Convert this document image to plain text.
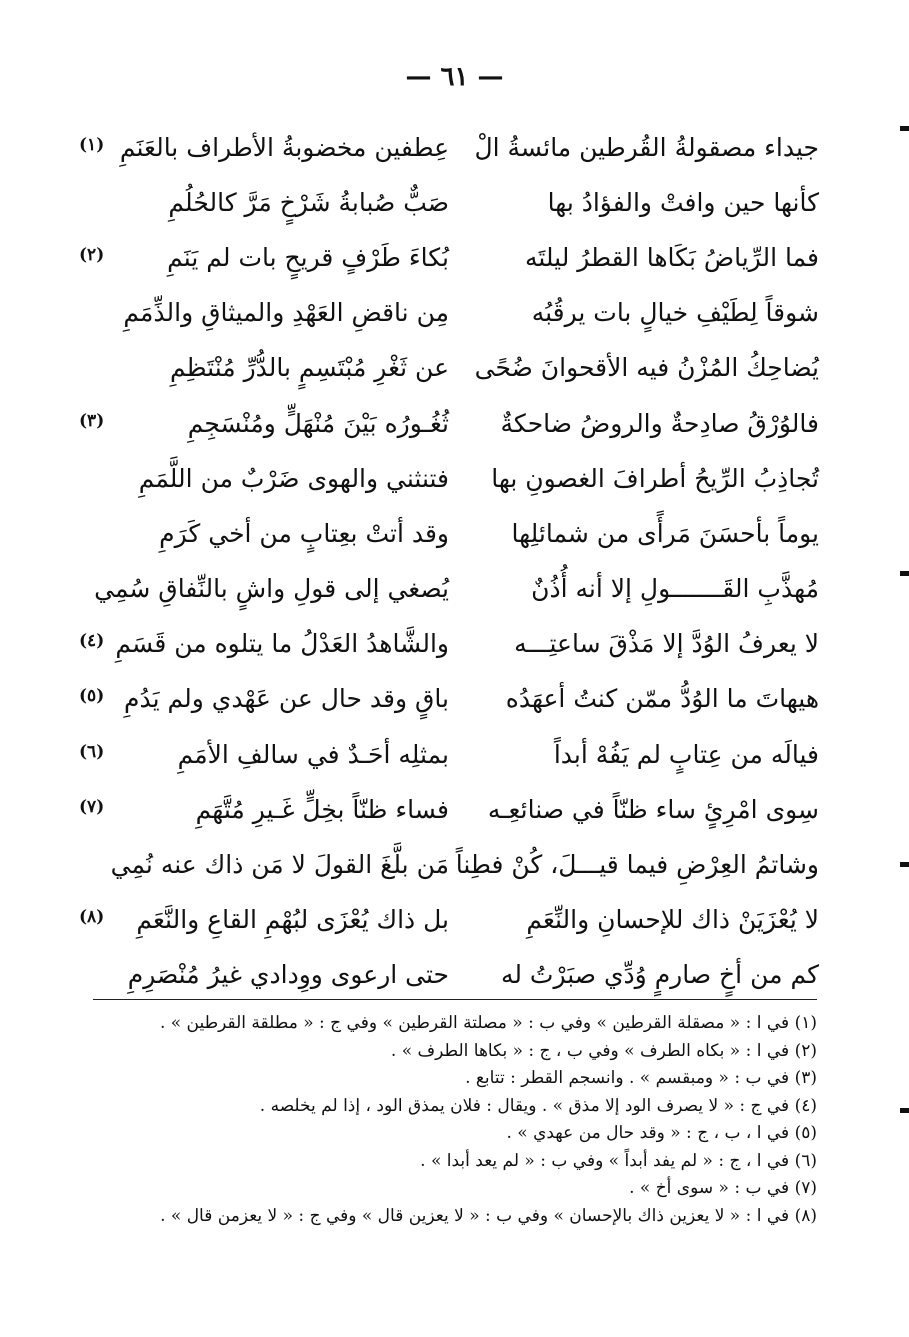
— ٦١ —
جيداء مصقولةُ القُرطين مائسةُ الْ
عِطفين مخضوبةُ الأطراف بالعَنَمِ
(١)
كأنها حين وافتْ والفؤادُ بها
صَبٌّ صُبابةُ شَرْخٍ مَرَّ كالحُلُمِ
فما الرِّياضُ بَكَاها القطرُ ليلتَه
بُكاءَ طَرْفٍ قريحٍ بات لم يَنَمِ
(٢)
شوقاً لِطَيْفِ خيالٍ بات يرقُبُه
مِن ناقضِ العَهْدِ والميثاقِ والذِّمَمِ
يُضاحِكُ المُزْنُ فيه الأقحوانَ ضُحًى
عن ثَغْرِ مُبْتَسِمٍ بالدُّرِّ مُنْتَظِمِ
فالوُرْقُ صادِحةٌ والروضُ ضاحكةٌ
ثُغُـورُه بَيْنَ مُنْهَلٍّ ومُنْسَجِمِ
(٣)
تُجاذِبُ الرِّيحُ أطرافَ الغصونِ بها
فتنثني والهوى ضَرْبٌ من اللَّمَمِ
يوماً بأحسَنَ مَرأًى من شمائلِها
وقد أتتْ بعِتابٍ من أخي كَرَمِ
مُهذَّبِ القَـــــــولِ إلا أنه أُذُنٌ
يُصغي إلى قولِ واشٍ بالنِّفاقِ سُمِي
لا يعرفُ الوُدَّ إلا مَذْقَ ساعتِـــه
والشَّاهدُ العَدْلُ ما يتلوه من قَسَمِ
(٤)
هيهاتَ ما الوُدُّ ممّن كنتُ أعهَدُه
باقٍ وقد حال عن عَهْدي ولم يَدُمِ
(٥)
فيالَه من عِتابٍ لم يَفُهْ أبداً
بمثلِه أحَـدٌ في سالفِ الأمَمِ
(٦)
سِوى امْرِئٍ ساء ظنّاً في صنائعِـه
فساء ظنّاً بخِلٍّ غَـيرِ مُتَّهَمِ
(٧)
وشاتمُ العِرْضِ فيما قيـــلَ، كُنْ فطِناً
مَن بلَّغَ القولَ لا مَن ذاك عنه نُمِي
لا يُعْزَيَنْ ذاك للإحسانِ والنِّعَمِ
بل ذاك يُعْزَى لبُهْمِ القاعِ والنَّعَمِ
(٨)
كم من أخٍ صارمٍ وُدِّي صبَرْتُ له
حتى ارعوى ووِدادي غيرُ مُنْصَرِمِ
(١) في ا : « مصقلة القرطين » وفي ب : « مصلتة القرطين » وفي ج : « مطلقة القرطين » .
(٢) في ا : « بكاه الطرف » وفي ب ، ج : « بكاها الطرف » .
(٣) في ب : « ومبقسم » . وانسجم القطر : تتابع .
(٤) في ج : « لا يصرف الود إلا مذق » . ويقال : فلان يمذق الود ، إذا لم يخلصه .
(٥) في ا ، ب ، ج : « وقد حال من عهدي » .
(٦) في ا ، ج : « لم يفد أبداً » وفي ب : « لم يعد أبدا » .
(٧) في ب : « سوى أخ » .
(٨) في ا : « لا يعزين ذاك بالإحسان » وفي ب : « لا يعزين قال » وفي ج : « لا يعزمن قال » .
